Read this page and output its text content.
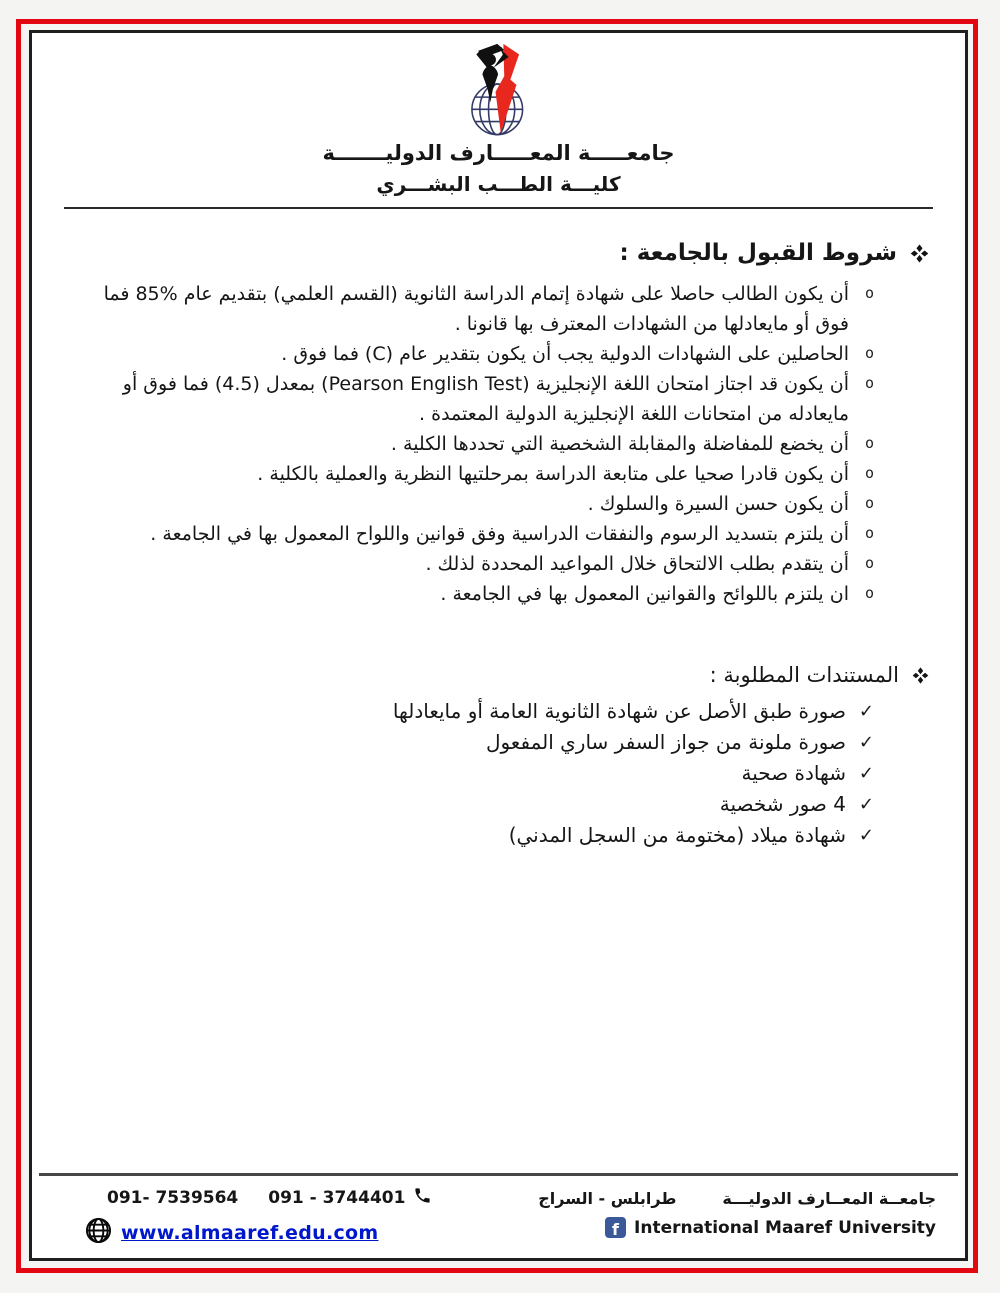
جامعـــــة المعـــــارف الدوليـــــــة
كليـــة الطـــب البشـــري
شروط القبول بالجامعة :
o
أن يكون الطالب حاصلا على شهادة إتمام الدراسة الثانوية (القسم العلمي) بتقديم عام %85 فما فوق أو مايعادلها من الشهادات المعترف بها قانونا .
o
الحاصلين على الشهادات الدولية يجب أن يكون بتقدير عام (C) فما فوق .
o
أن يكون قد اجتاز امتحان اللغة الإنجليزية (Pearson English Test) بمعدل (4.5) فما فوق أو مايعادله من امتحانات اللغة الإنجليزية الدولية المعتمدة .
o
أن يخضع للمفاضلة والمقابلة الشخصية التي تحددها الكلية .
o
أن يكون قادرا صحيا على متابعة الدراسة بمرحلتيها النظرية والعملية بالكلية .
o
أن يكون حسن السيرة والسلوك .
o
أن يلتزم بتسديد الرسوم والنفقات الدراسية وفق قوانين واللواح المعمول بها في الجامعة .
o
أن يتقدم بطلب الالتحاق خلال المواعيد المحددة لذلك .
o
ان يلتزم باللوائح والقوانين المعمول بها في الجامعة .
المستندات المطلوبة :
✓
صورة طبق الأصل عن شهادة الثانوية العامة أو مايعادلها
✓
صورة ملونة من جواز السفر ساري المفعول
✓
شهادة صحية
✓
4 صور شخصية
✓
شهادة ميلاد (مختومة من السجل المدني)
091- 7539564 091 - 3744401
www.almaaref.edu.com
جامعــة المعــارف الدوليـــة
طرابلس - السراج
f International Maaref University
